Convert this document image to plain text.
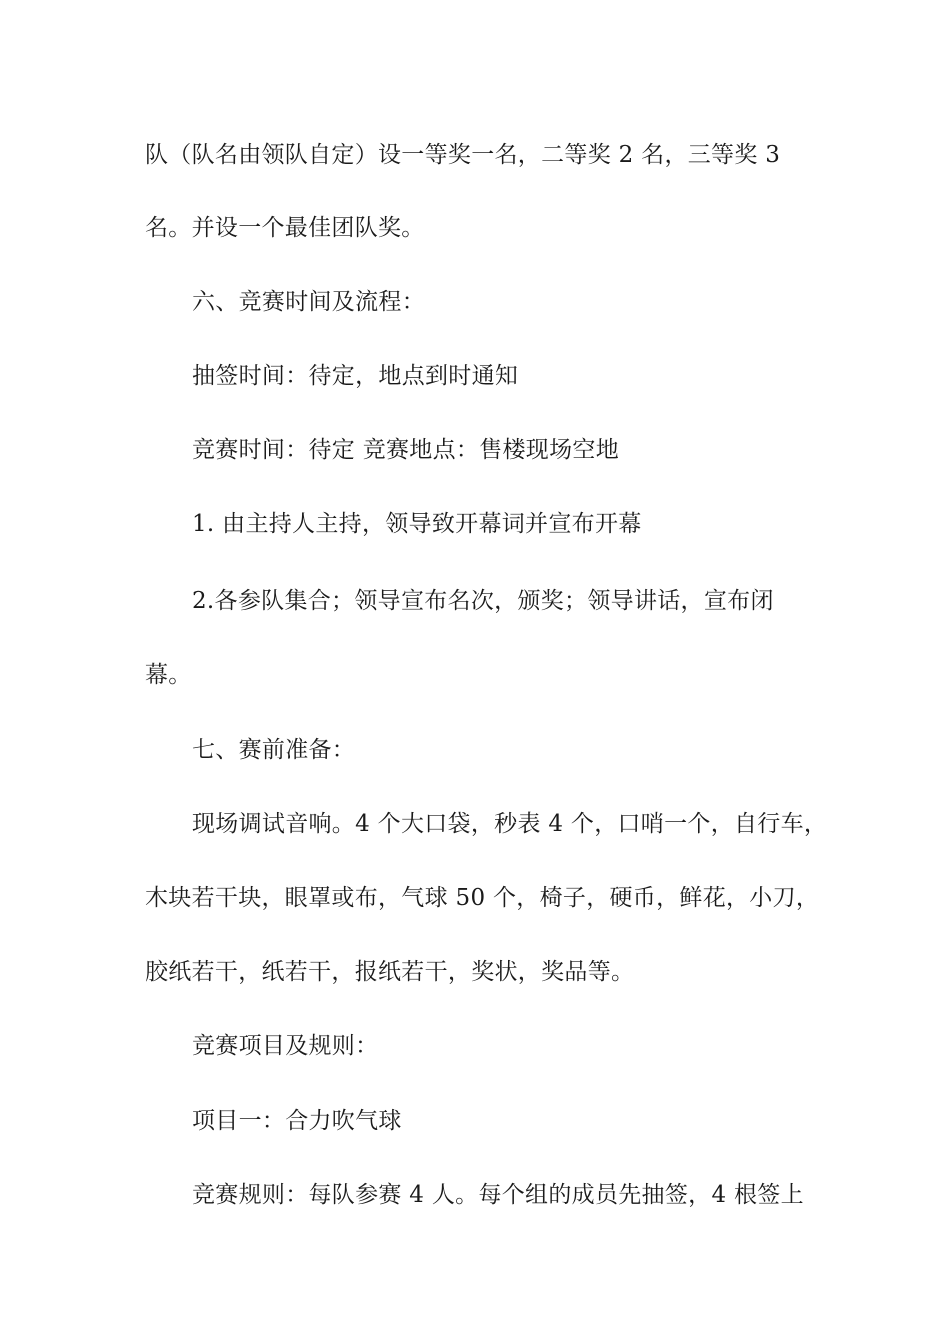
队（队名由领队自定）设一等奖一名，二等奖 2 名，三等奖 3
名。并设一个最佳团队奖。
六、竞赛时间及流程：
抽签时间：待定，地点到时通知
竞赛时间：待定 竞赛地点：售楼现场空地
1. 由主持人主持，领导致开幕词并宣布开幕
2.各参队集合；领导宣布名次，颁奖；领导讲话，宣布闭
幕。
七、赛前准备：
现场调试音响。4 个大口袋，秒表 4 个，口哨一个，自行车，
木块若干块，眼罩或布，气球 50 个，椅子，硬币，鲜花，小刀，
胶纸若干，纸若干，报纸若干，奖状，奖品等。
竞赛项目及规则：
项目一：合力吹气球
竞赛规则：每队参赛 4 人。每个组的成员先抽签，4 根签上
